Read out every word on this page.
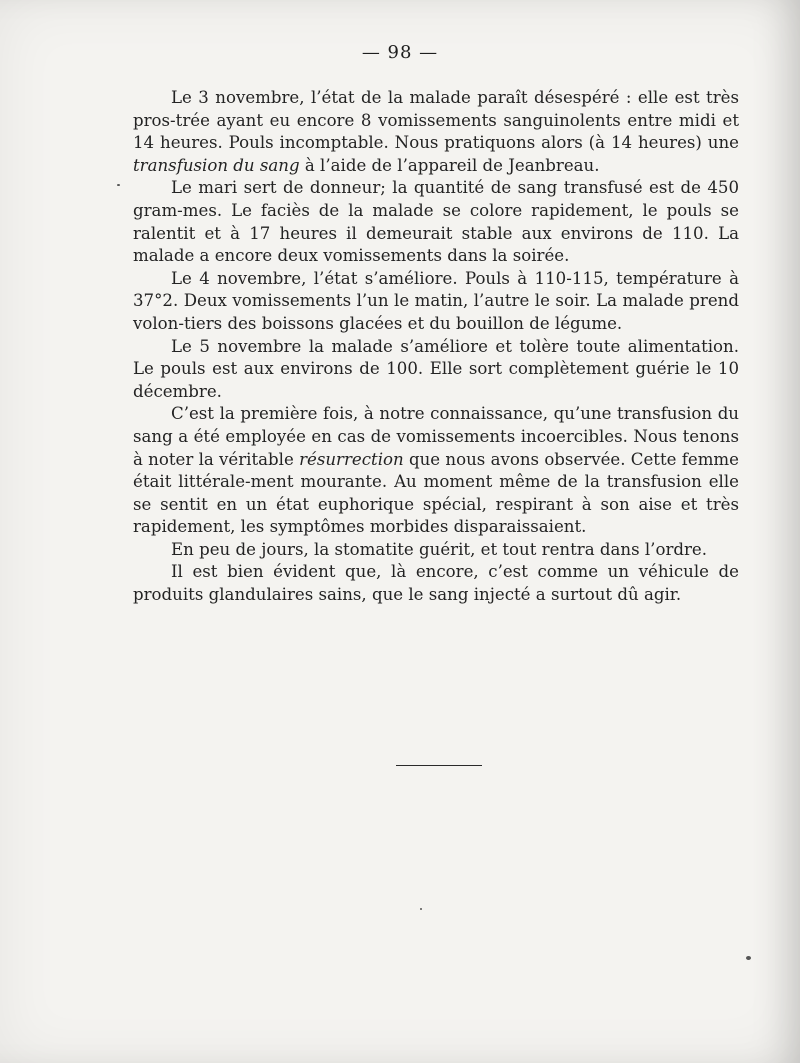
— 98 —

Le 3 novembre, l’état de la malade paraît désespéré : elle est très pros-trée ayant eu encore 8 vomissements sanguinolents entre midi et 14 heures. Pouls incomptable. Nous pratiquons alors (à 14 heures) une transfusion du sang à l’aide de l’appareil de Jeanbreau.

Le mari sert de donneur; la quantité de sang transfusé est de 450 gram-mes. Le faciès de la malade se colore rapidement, le pouls se ralentit et à 17 heures il demeurait stable aux environs de 110. La malade a encore deux vomissements dans la soirée.

Le 4 novembre, l’état s’améliore. Pouls à 110-115, température à 37°2. Deux vomissements l’un le matin, l’autre le soir. La malade prend volon-tiers des boissons glacées et du bouillon de légume.

Le 5 novembre la malade s’améliore et tolère toute alimentation. Le pouls est aux environs de 100. Elle sort complètement guérie le 10 décembre.

C’est la première fois, à notre connaissance, qu’une transfusion du sang a été employée en cas de vomissements incoercibles. Nous tenons à noter la véritable résurrection que nous avons observée. Cette femme était littérale-ment mourante. Au moment même de la transfusion elle se sentit en un état euphorique spécial, respirant à son aise et très rapidement, les symptômes morbides disparaissaient.

En peu de jours, la stomatite guérit, et tout rentra dans l’ordre.

Il est bien évident que, là encore, c’est comme un véhicule de produits glandulaires sains, que le sang injecté a surtout dû agir.
